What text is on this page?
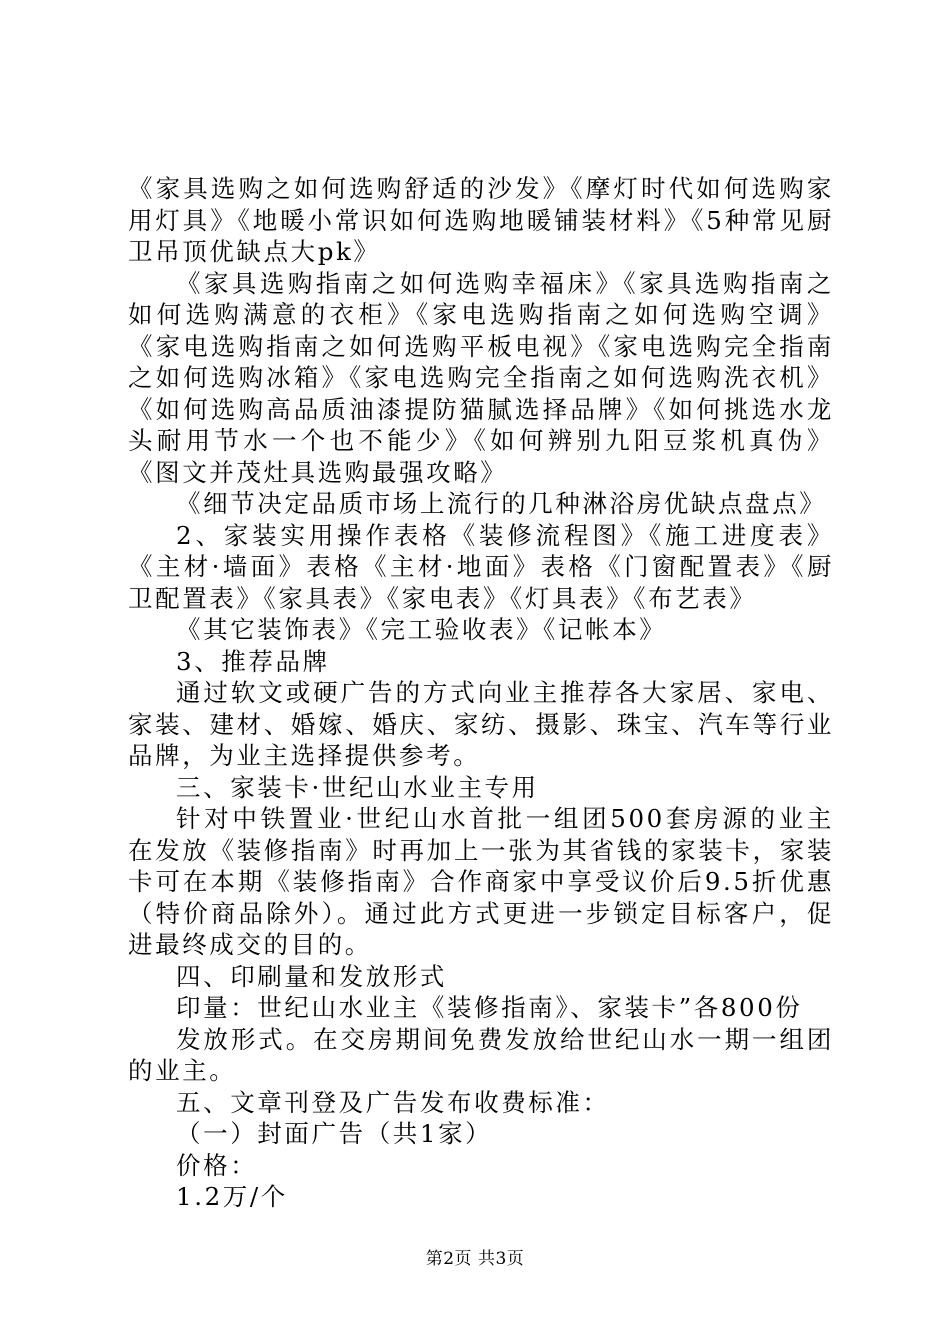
《家具选购之如何选购舒适的沙发》《摩灯时代如何选购家用灯具》《地暖小常识如何选购地暖铺装材料》《5种常见厨卫吊顶优缺点大pk》

《家具选购指南之如何选购幸福床》《家具选购指南之如何选购满意的衣柜》《家电选购指南之如何选购空调》《家电选购指南之如何选购平板电视》《家电选购完全指南之如何选购冰箱》《家电选购完全指南之如何选购洗衣机》《如何选购高品质油漆提防猫腻选择品牌》《如何挑选水龙头耐用节水一个也不能少》《如何辨别九阳豆浆机真伪》《图文并茂灶具选购最强攻略》

《细节决定品质市场上流行的几种淋浴房优缺点盘点》

2、家装实用操作表格《装修流程图》《施工进度表》《主材·墙面》表格《主材·地面》表格《门窗配置表》《厨卫配置表》《家具表》《家电表》《灯具表》《布艺表》

《其它装饰表》《完工验收表》《记帐本》

3、推荐品牌

通过软文或硬广告的方式向业主推荐各大家居、家电、家装、建材、婚嫁、婚庆、家纺、摄影、珠宝、汽车等行业品牌，为业主选择提供参考。

三、家装卡·世纪山水业主专用

针对中铁置业·世纪山水首批一组团500套房源的业主在发放《装修指南》时再加上一张为其省钱的家装卡，家装卡可在本期《装修指南》合作商家中享受议价后9.5折优惠（特价商品除外）。通过此方式更进一步锁定目标客户，促进最终成交的目的。

四、印刷量和发放形式

印量：世纪山水业主《装修指南》、家装卡”各800份

发放形式。在交房期间免费发放给世纪山水一期一组团的业主。

五、文章刊登及广告发布收费标准：

（一）封面广告（共1家）

价格：

1.2万/个

第2页 共3页
